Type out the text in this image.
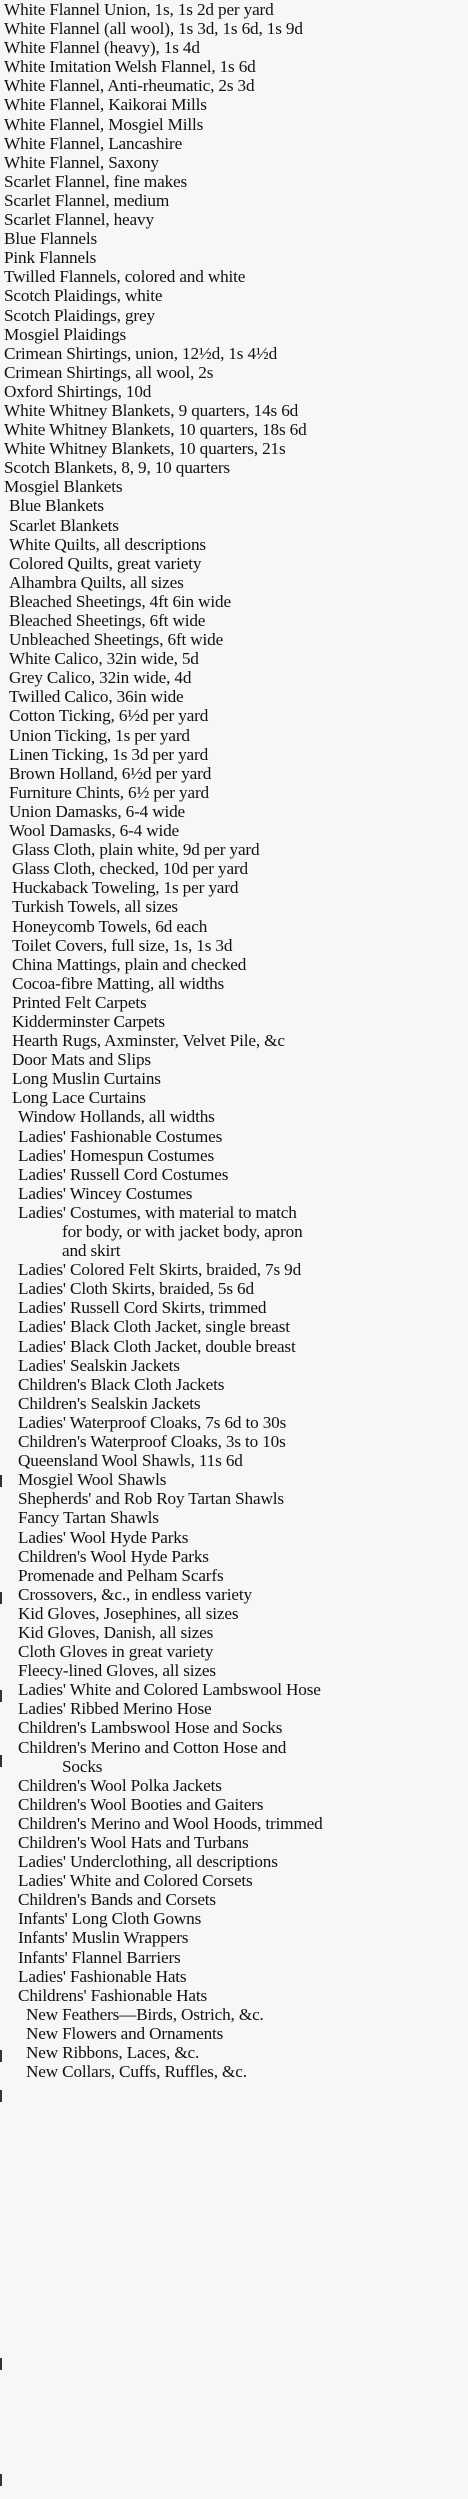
White Flannel Union, 1s, 1s 2d per yard
White Flannel (all wool), 1s 3d, 1s 6d, 1s 9d
White Flannel (heavy), 1s 4d
White Imitation Welsh Flannel, 1s 6d
White Flannel, Anti-rheumatic, 2s 3d
White Flannel, Kaikorai Mills
White Flannel, Mosgiel Mills
White Flannel, Lancashire
White Flannel, Saxony
Scarlet Flannel, fine makes
Scarlet Flannel, medium
Scarlet Flannel, heavy
Blue Flannels
Pink Flannels
Twilled Flannels, colored and white
Scotch Plaidings, white
Scotch Plaidings, grey
Mosgiel Plaidings
Crimean Shirtings, union, 12½d, 1s 4½d
Crimean Shirtings, all wool, 2s
Oxford Shirtings, 10d
White Whitney Blankets, 9 quarters, 14s 6d
White Whitney Blankets, 10 quarters, 18s 6d
White Whitney Blankets, 10 quarters, 21s
Scotch Blankets, 8, 9, 10 quarters
Mosgiel Blankets
Blue Blankets
Scarlet Blankets
White Quilts, all descriptions
Colored Quilts, great variety
Alhambra Quilts, all sizes
Bleached Sheetings, 4ft 6in wide
Bleached Sheetings, 6ft wide
Unbleached Sheetings, 6ft wide
White Calico, 32in wide, 5d
Grey Calico, 32in wide, 4d
Twilled Calico, 36in wide
Cotton Ticking, 6½d per yard
Union Ticking, 1s per yard
Linen Ticking, 1s 3d per yard
Brown Holland, 6½d per yard
Furniture Chints, 6½ per yard
Union Damasks, 6-4 wide
Wool Damasks, 6-4 wide
Glass Cloth, plain white, 9d per yard
Glass Cloth, checked, 10d per yard
Huckaback Toweling, 1s per yard
Turkish Towels, all sizes
Honeycomb Towels, 6d each
Toilet Covers, full size, 1s, 1s 3d
China Mattings, plain and checked
Cocoa-fibre Matting, all widths
Printed Felt Carpets
Kidderminster Carpets
Hearth Rugs, Axminster, Velvet Pile, &c
Door Mats and Slips
Long Muslin Curtains
Long Lace Curtains
Window Hollands, all widths
Ladies' Fashionable Costumes
Ladies' Homespun Costumes
Ladies' Russell Cord Costumes
Ladies' Wincey Costumes
Ladies' Costumes, with material to match
for body, or with jacket body, apron
and skirt
Ladies' Colored Felt Skirts, braided, 7s 9d
Ladies' Cloth Skirts, braided, 5s 6d
Ladies' Russell Cord Skirts, trimmed
Ladies' Black Cloth Jacket, single breast
Ladies' Black Cloth Jacket, double breast
Ladies' Sealskin Jackets
Children's Black Cloth Jackets
Children's Sealskin Jackets
Ladies' Waterproof Cloaks, 7s 6d to 30s
Children's Waterproof Cloaks, 3s to 10s
Queensland Wool Shawls, 11s 6d
Mosgiel Wool Shawls
Shepherds' and Rob Roy Tartan Shawls
Fancy Tartan Shawls
Ladies' Wool Hyde Parks
Children's Wool Hyde Parks
Promenade and Pelham Scarfs
Crossovers, &c., in endless variety
Kid Gloves, Josephines, all sizes
Kid Gloves, Danish, all sizes
Cloth Gloves in great variety
Fleecy-lined Gloves, all sizes
Ladies' White and Colored Lambswool Hose
Ladies' Ribbed Merino Hose
Children's Lambswool Hose and Socks
Children's Merino and Cotton Hose and
Socks
Children's Wool Polka Jackets
Children's Wool Booties and Gaiters
Children's Merino and Wool Hoods, trimmed
Children's Wool Hats and Turbans
Ladies' Underclothing, all descriptions
Ladies' White and Colored Corsets
Children's Bands and Corsets
Infants' Long Cloth Gowns
Infants' Muslin Wrappers
Infants' Flannel Barriers
Ladies' Fashionable Hats
Childrens' Fashionable Hats
New Feathers—Birds, Ostrich, &c.
New Flowers and Ornaments
New Ribbons, Laces, &c.
New Collars, Cuffs, Ruffles, &c.
